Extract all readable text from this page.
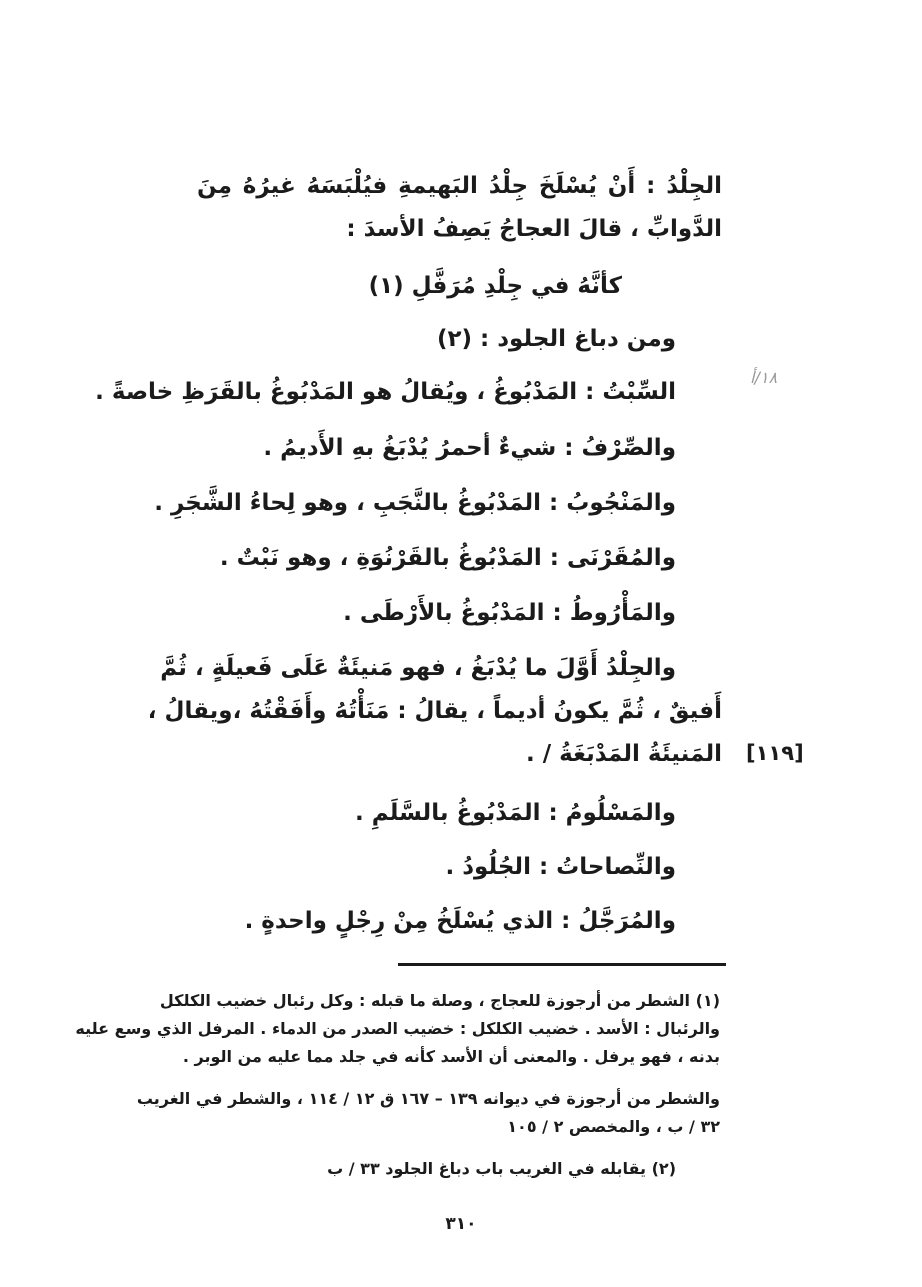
الجِلْدُ : أَنْ يُسْلَخَ جِلْدُ البَهيمةِ فيُلْبَسَهُ غيرُهُ مِنَ
الدَّوابِّ ، قالَ العجاجُ يَصِفُ الأسدَ :
كأنَّهُ في جِلْدِ مُرَفَّلِ (١)
ومن دباغ الجلود : (٢)
السِّبْتُ : المَدْبُوغُ ، ويُقالُ هو المَدْبُوغُ بالقَرَظِ خاصةً .
١٨/أ
والصِّرْفُ : شيءٌ أحمرُ يُدْبَغُ بهِ الأَديمُ .
والمَنْجُوبُ : المَدْبُوغُ بالنَّجَبِ ، وهو لِحاءُ الشَّجَرِ .
والمُقَرْنَى : المَدْبُوغُ بالقَرْنُوَةِ ، وهو نَبْتٌ .
والمَأْرُوطُ : المَدْبُوغُ بالأَرْطَى .
والجِلْدُ أَوَّلَ ما يُدْبَغُ ، فهو مَنيئَةٌ عَلَى فَعيلَةٍ ، ثُمَّ
أَفيقٌ ، ثُمَّ يكونُ أديماً ، يقالُ : مَنَأْتُهُ وأَفَقْتُهُ ،ويقالُ ،
المَنيئَةُ المَدْبَغَةُ / . [١١٩]
والمَسْلُومُ : المَدْبُوغُ بالسَّلَمِ .
والنِّصاحاتُ : الجُلُودُ .
والمُرَجَّلُ : الذي يُسْلَخُ مِنْ رِجْلٍ واحدةٍ .
(١) الشطر من أرجوزة للعجاج ، وصلة ما قبله : وكل رئبال خضيب الكلكل
والرئبال : الأسد . خضيب الكلكل : خضيب الصدر من الدماء . المرفل الذي وسع عليه
بدنه ، فهو يرفل . والمعنى أن الأسد كأنه في جلد مما عليه من الوبر .
والشطر من أرجوزة في ديوانه ١٣٩ – ١٦٧ ق ١٢ / ١١٤ ، والشطر في الغريب
٣٢ / ب ، والمخصص ٢ / ١٠٥
(٢) يقابله في الغريب باب دباغ الجلود ٣٣ / ب
٣١٠
